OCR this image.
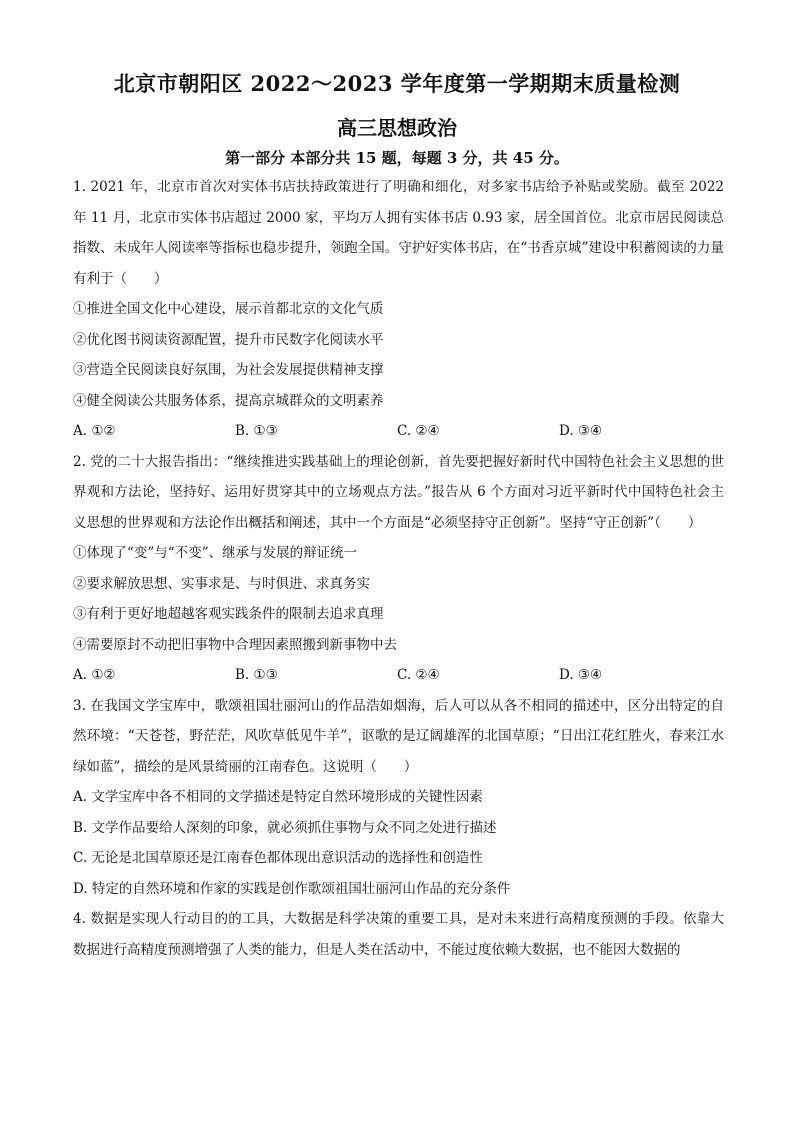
北京市朝阳区 2022～2023 学年度第一学期期末质量检测
高三思想政治
第一部分 本部分共 15 题，每题 3 分，共 45 分。

1. 2021 年，北京市首次对实体书店扶持政策进行了明确和细化，对多家书店给予补贴或奖励。截至 2022 年 11 月，北京市实体书店超过 2000 家，平均万人拥有实体书店 0.93 家，居全国首位。北京市居民阅读总指数、未成年人阅读率等指标也稳步提升，领跑全国。守护好实体书店，在“书香京城”建设中积蓄阅读的力量有利于（　　）

①推进全国文化中心建设，展示首都北京的文化气质

②优化图书阅读资源配置，提升市民数字化阅读水平

③营造全民阅读良好氛围，为社会发展提供精神支撑

④健全阅读公共服务体系，提高京城群众的文明素养

A. ①②	B. ①③	C. ②④	D. ③④

2. 党的二十大报告指出：“继续推进实践基础上的理论创新，首先要把握好新时代中国特色社会主义思想的世界观和方法论，坚持好、运用好贯穿其中的立场观点方法。”报告从 6 个方面对习近平新时代中国特色社会主义思想的世界观和方法论作出概括和阐述，其中一个方面是“必须坚持守正创新”。坚持“守正创新”（　　）

①体现了“变”与“不变”、继承与发展的辩证统一

②要求解放思想、实事求是、与时俱进、求真务实

③有利于更好地超越客观实践条件的限制去追求真理

④需要原封不动把旧事物中合理因素照搬到新事物中去

A. ①②	B. ①③	C. ②④	D. ③④

3. 在我国文学宝库中，歌颂祖国壮丽河山的作品浩如烟海，后人可以从各不相同的描述中，区分出特定的自然环境：“天苍苍，野茫茫，风吹草低见牛羊”，讴歌的是辽阔雄浑的北国草原；“日出江花红胜火，春来江水绿如蓝”，描绘的是风景绮丽的江南春色。这说明（　　）

A. 文学宝库中各不相同的文学描述是特定自然环境形成的关键性因素

B. 文学作品要给人深刻的印象，就必须抓住事物与众不同之处进行描述

C. 无论是北国草原还是江南春色都体现出意识活动的选择性和创造性

D. 特定的自然环境和作家的实践是创作歌颂祖国壮丽河山作品的充分条件

4. 数据是实现人行动目的的工具，大数据是科学决策的重要工具，是对未来进行高精度预测的手段。依靠大数据进行高精度预测增强了人类的能力，但是人类在活动中，不能过度依赖大数据，也不能因大数据的
